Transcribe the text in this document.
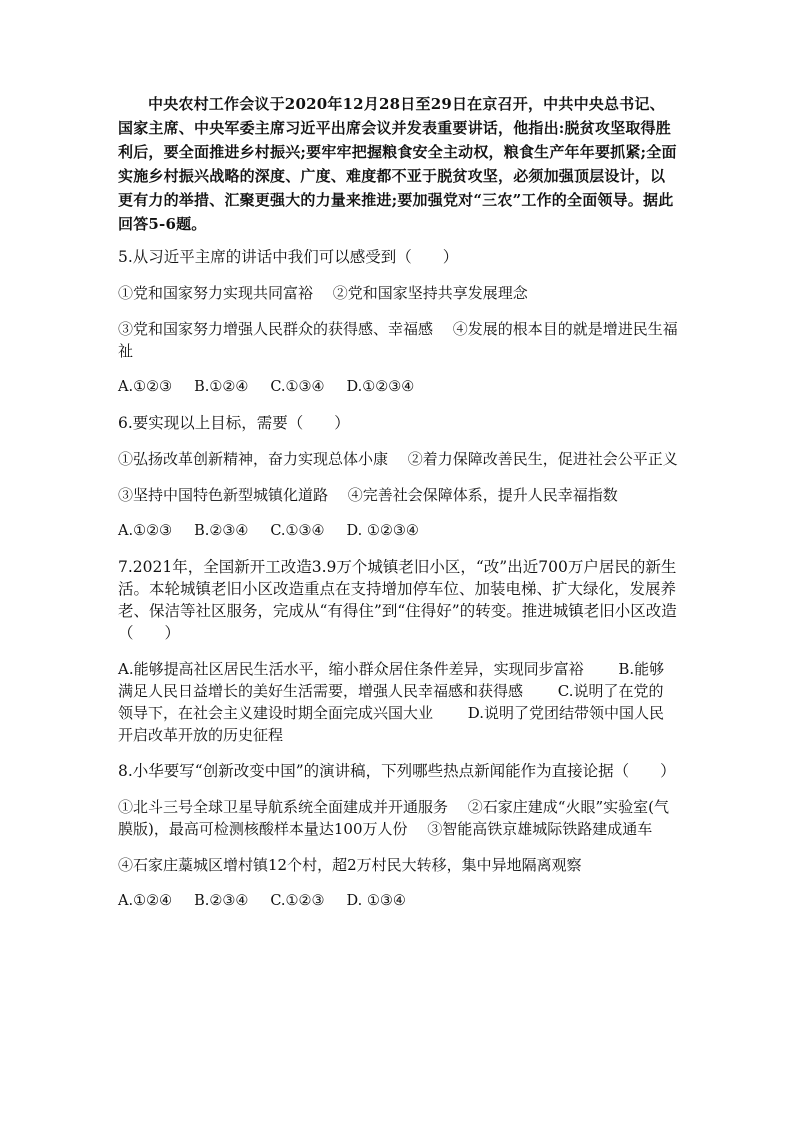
中央农村工作会议于2020年12月28日至29日在京召开，中共中央总书记、国家主席、中央军委主席习近平出席会议并发表重要讲话，他指出:脱贫攻坚取得胜利后，要全面推进乡村振兴;要牢牢把握粮食安全主动权，粮食生产年年要抓紧;全面实施乡村振兴战略的深度、广度、难度都不亚于脱贫攻坚，必须加强顶层设计，以更有力的举措、汇聚更强大的力量来推进;要加强党对“三农”工作的全面领导。据此回答5-6题。

5.从习近平主席的讲话中我们可以感受到（　　）

①党和国家努力实现共同富裕　 ②党和国家坚持共享发展理念

③党和国家努力增强人民群众的获得感、幸福感　 ④发展的根本目的就是增进民生福祉

A.①②③ B.①②④ C.①③④ D.①②③④

6.要实现以上目标，需要（　　）

①弘扬改革创新精神，奋力实现总体小康　 ②着力保障改善民生，促进社会公平正义

③坚持中国特色新型城镇化道路　 ④完善社会保障体系，提升人民幸福指数

A.①②③ B.②③④ C.①③④ D. ①②③④

7.2021年，全国新开工改造3.9万个城镇老旧小区，“改”出近700万户居民的新生活。本轮城镇老旧小区改造重点在支持增加停车位、加装电梯、扩大绿化，发展养老、保洁等社区服务，完成从“有得住”到“住得好”的转变。推进城镇老旧小区改造（　　）

A.能够提高社区居民生活水平，缩小群众居住条件差异，实现同步富裕　　 B.能够满足人民日益增长的美好生活需要，增强人民幸福感和获得感　　 C.说明了在党的领导下，在社会主义建设时期全面完成兴国大业　　 D.说明了党团结带领中国人民开启改革开放的历史征程

8.小华要写“创新改变中国”的演讲稿，下列哪些热点新闻能作为直接论据（　　）

①北斗三号全球卫星导航系统全面建成并开通服务　 ②石家庄建成“火眼”实验室(气膜版)，最高可检测核酸样本量达100万人份　 ③智能高铁京雄城际铁路建成通车

④石家庄藁城区增村镇12个村，超2万村民大转移，集中异地隔离观察

A.①②④ B.②③④ C.①②③ D. ①③④
